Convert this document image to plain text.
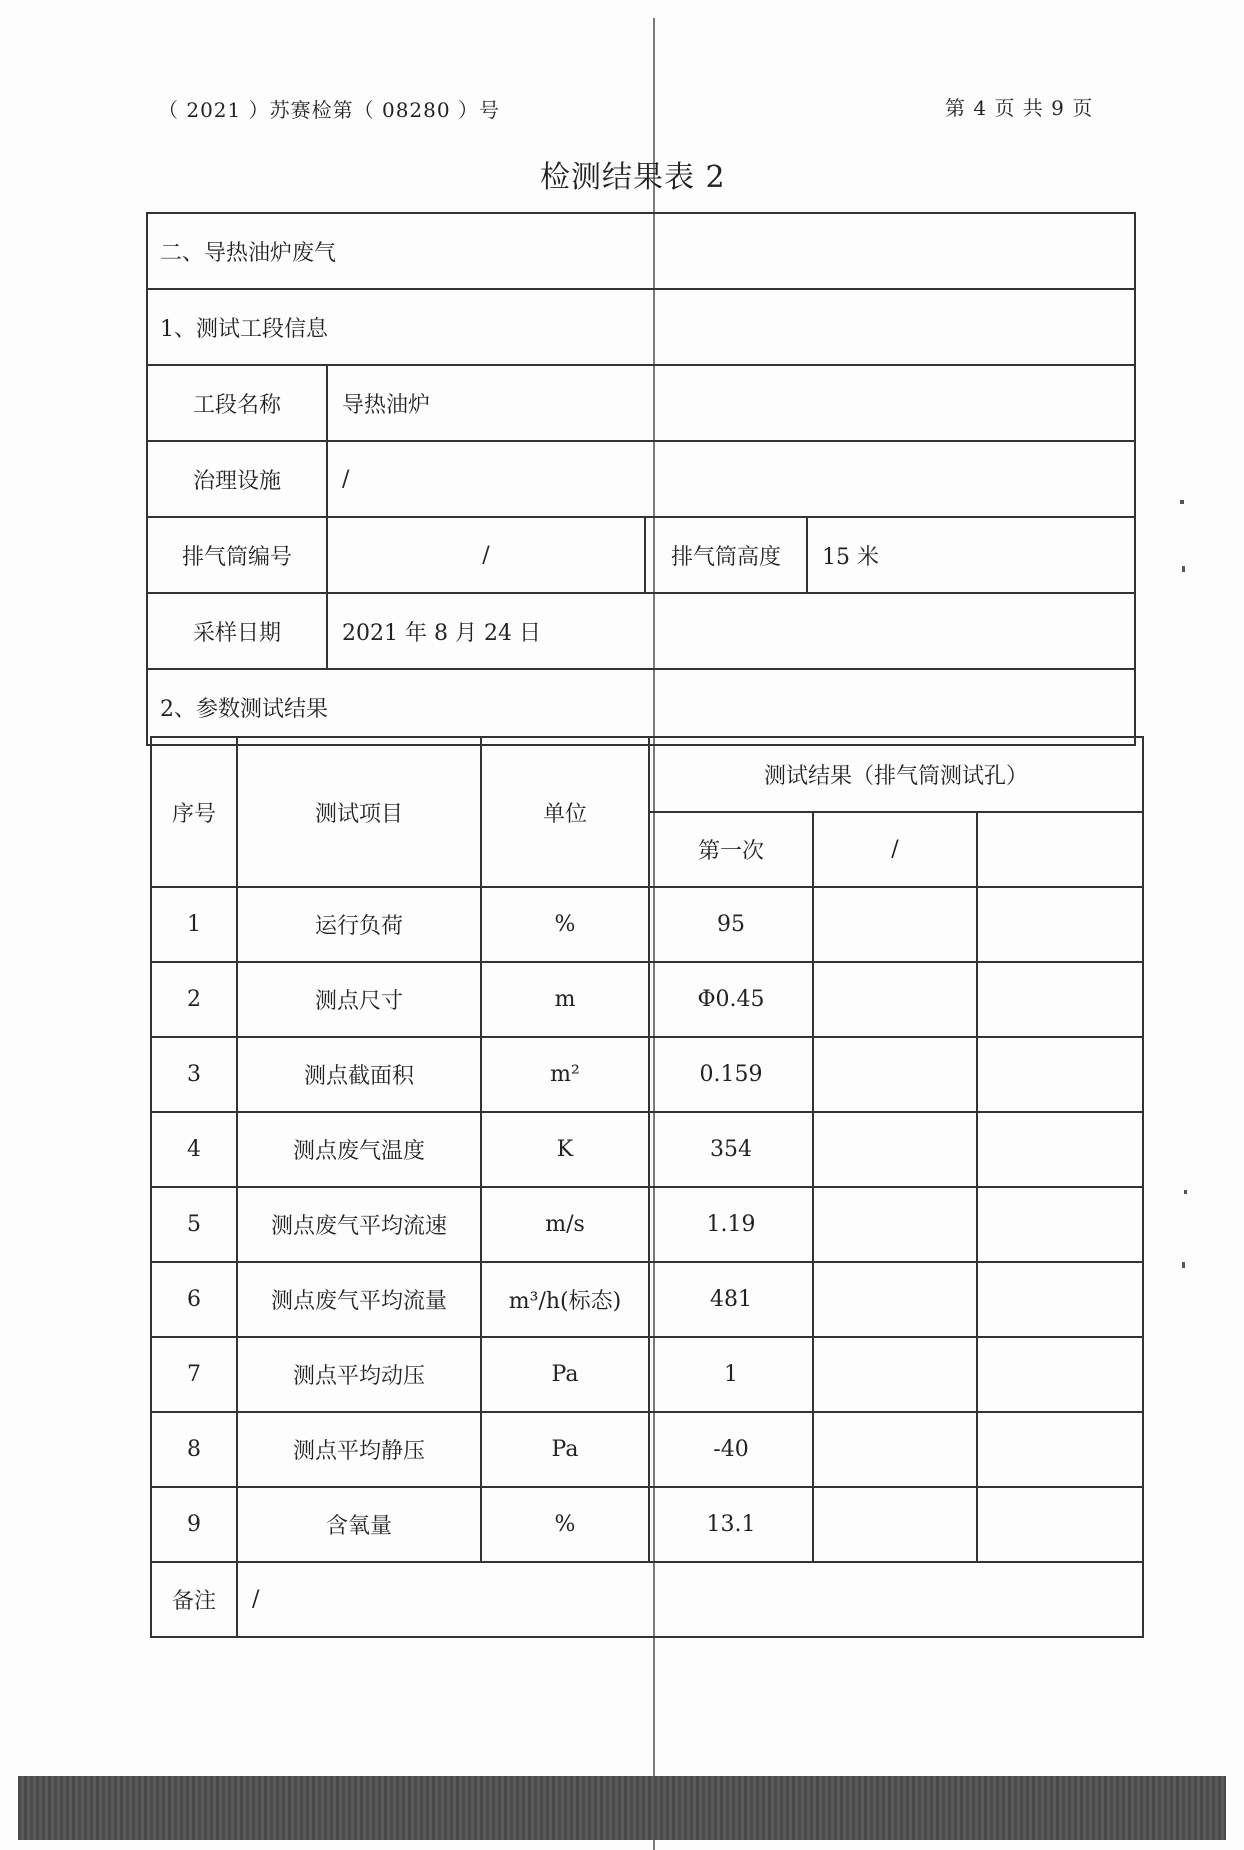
（ 2021 ）苏赛检第（ 08280 ）号	第 4 页 共 9 页
检测结果表 2
二、导热油炉废气			
1、测试工段信息			
工段名称	导热油炉		
治理设施	/		
排气筒编号	/	排气筒高度	15 米
采样日期	2021 年 8 月 24 日		
2、参数测试结果			
序号	测试项目	单位	测试结果（排气筒测试孔）		
			第一次	/	
1	运行负荷	%	95		
2	测点尺寸	m	Φ0.45		
3	测点截面积	m²	0.159		
4	测点废气温度	K	354		
5	测点废气平均流速	m/s	1.19		
6	测点废气平均流量	m³/h(标态)	481		
7	测点平均动压	Pa	1		
8	测点平均静压	Pa	-40		
9	含氧量	%	13.1		
备注	/				
